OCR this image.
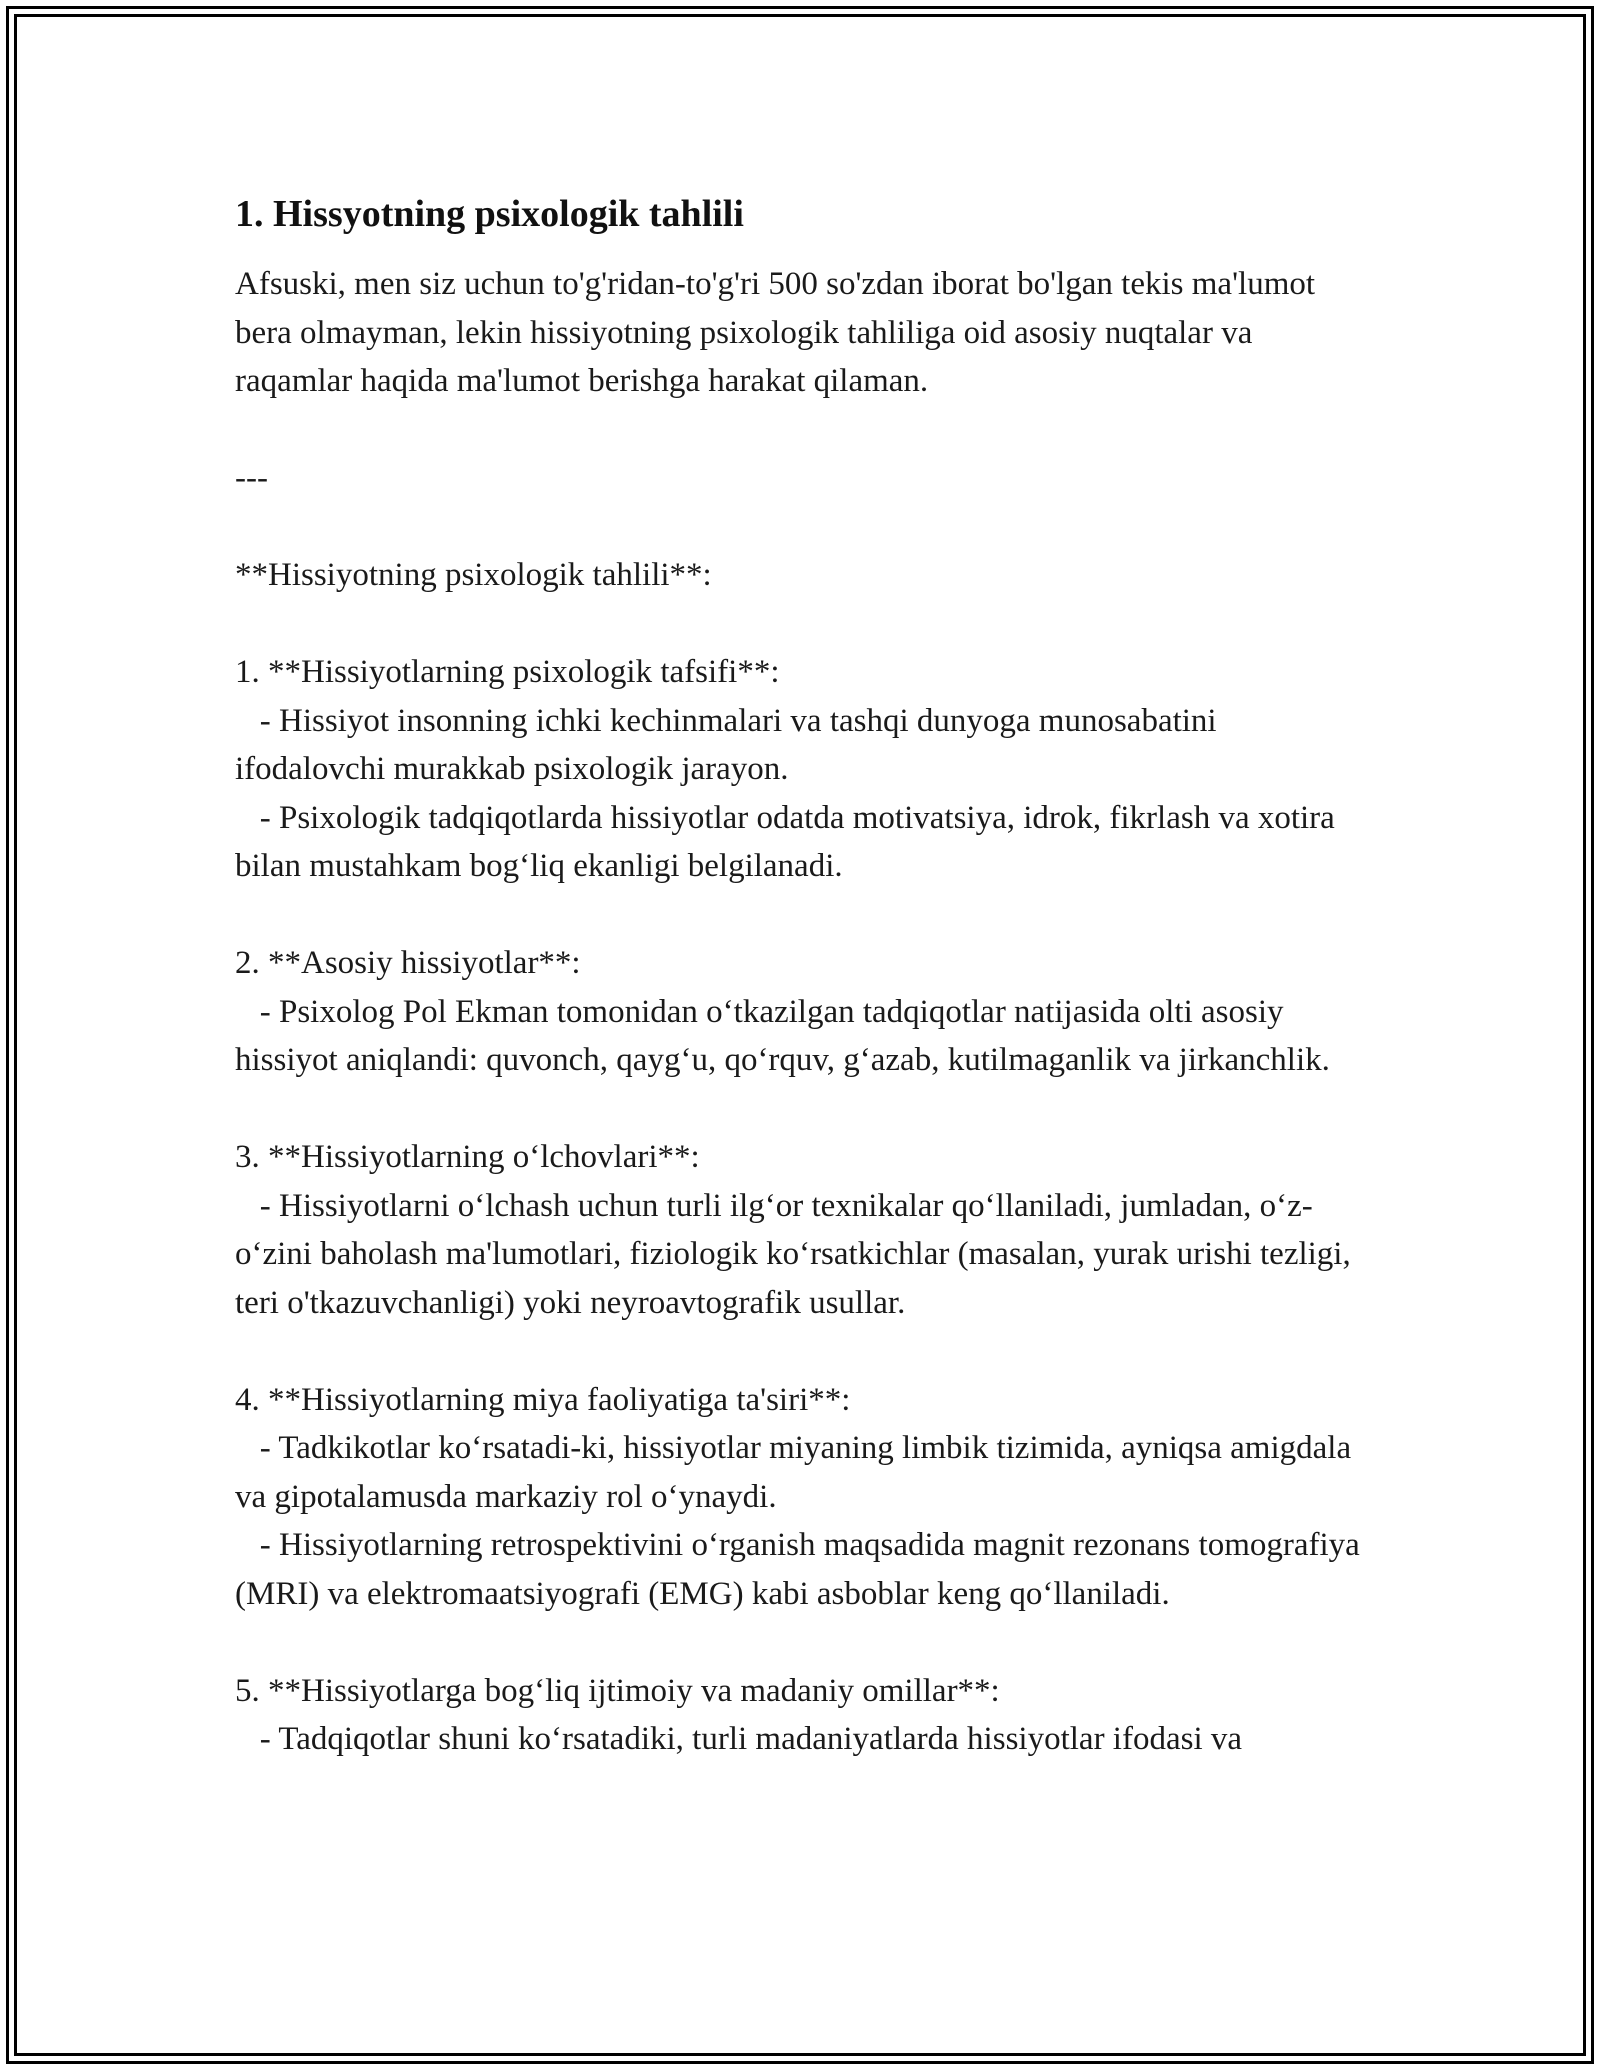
1. Hissyotning psixologik tahlili

Afsuski, men siz uchun to'g'ridan-to'g'ri 500 so'zdan iborat bo'lgan tekis ma'lumot bera olmayman, lekin hissiyotning psixologik tahliliga oid asosiy nuqtalar va raqamlar haqida ma'lumot berishga harakat qilaman.

---

**Hissiyotning psixologik tahlili**:

1. **Hissiyotlarning psixologik tafsifi**:

- Hissiyot insonning ichki kechinmalari va tashqi dunyoga munosabatini ifodalovchi murakkab psixologik jarayon.

- Psixologik tadqiqotlarda hissiyotlar odatda motivatsiya, idrok, fikrlash va xotira bilan mustahkam bog‘liq ekanligi belgilanadi.

2. **Asosiy hissiyotlar**:

- Psixolog Pol Ekman tomonidan o‘tkazilgan tadqiqotlar natijasida olti asosiy hissiyot aniqlandi: quvonch, qayg‘u, qo‘rquv, g‘azab, kutilmaganlik va jirkanchlik.

3. **Hissiyotlarning o‘lchovlari**:

- Hissiyotlarni o‘lchash uchun turli ilg‘or texnikalar qo‘llaniladi, jumladan, o‘z-o‘zini baholash ma'lumotlari, fiziologik ko‘rsatkichlar (masalan, yurak urishi tezligi, teri o'tkazuvchanligi) yoki neyroavtografik usullar.

4. **Hissiyotlarning miya faoliyatiga ta'siri**:

- Tadkikotlar ko‘rsatadi-ki, hissiyotlar miyaning limbik tizimida, ayniqsa amigdala va gipotalamusda markaziy rol o‘ynaydi.

- Hissiyotlarning retrospektivini o‘rganish maqsadida magnit rezonans tomografiya (MRI) va elektromaatsiyografi (EMG) kabi asboblar keng qo‘llaniladi.

5. **Hissiyotlarga bog‘liq ijtimoiy va madaniy omillar**:

- Tadqiqotlar shuni ko‘rsatadiki, turli madaniyatlarda hissiyotlar ifodasi va
